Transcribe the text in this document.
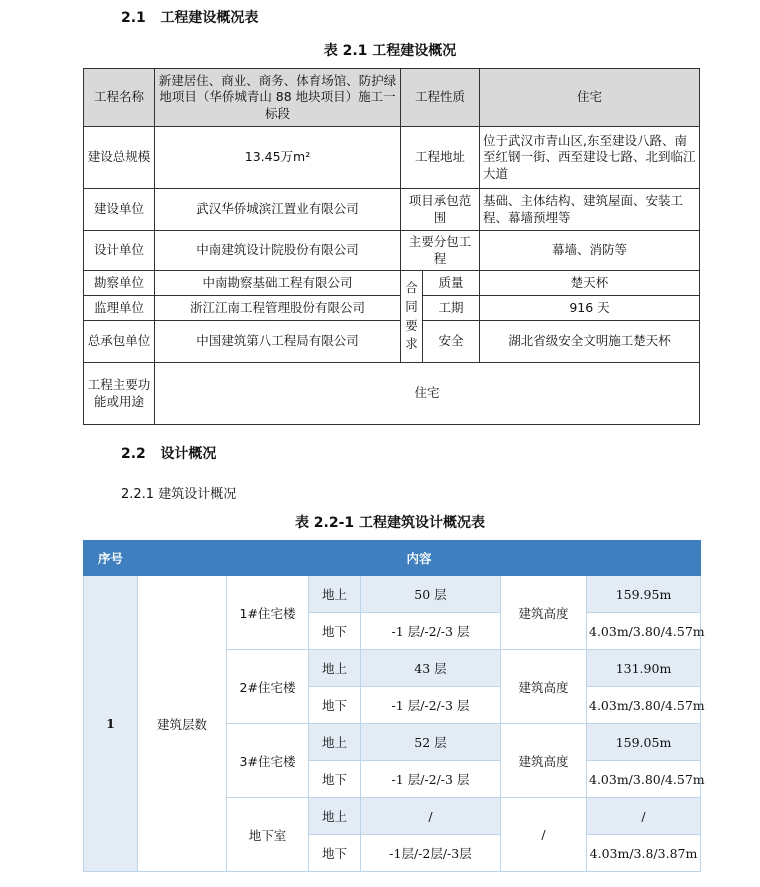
2.1 工程建设概况表
表 2.1 工程建设概况
工程名称	新建居住、商业、商务、体育场馆、防护绿地项目（华侨城青山 88 地块项目）施工一标段	工程性质		住宅
建设总规模	13.45万m²	工程地址		位于武汉市青山区,东至建设八路、南至红钢一街、西至建设七路、北到临江大道
建设单位	武汉华侨城滨江置业有限公司	项目承包范围		基础、主体结构、建筑屋面、安装工程、幕墙预埋等
设计单位	中南建筑设计院股份有限公司	主要分包工程		幕墙、消防等
勘察单位	中南勘察基础工程有限公司	合同要求	质量	楚天杯
监理单位	浙江江南工程管理股份有限公司		工期	916 天
总承包单位	中国建筑第八工程局有限公司		安全	湖北省级安全文明施工楚天杯
工程主要功能或用途	住宅			
2.2 设计概况
2.2.1 建筑设计概况
表 2.2-1 工程建筑设计概况表
序号	内容					
1	建筑层数	1#住宅楼	地上	50 层	建筑高度	159.95m
			地下	-1 层/-2/-3 层		4.03m/3.80/4.57m
		2#住宅楼	地上	43 层	建筑高度	131.90m
			地下	-1 层/-2/-3 层		4.03m/3.80/4.57m
		3#住宅楼	地上	52 层	建筑高度	159.05m
			地下	-1 层/-2/-3 层		4.03m/3.80/4.57m
		地下室	地上	/	/	/
			地下	-1层/-2层/-3层		4.03m/3.8/3.87m
